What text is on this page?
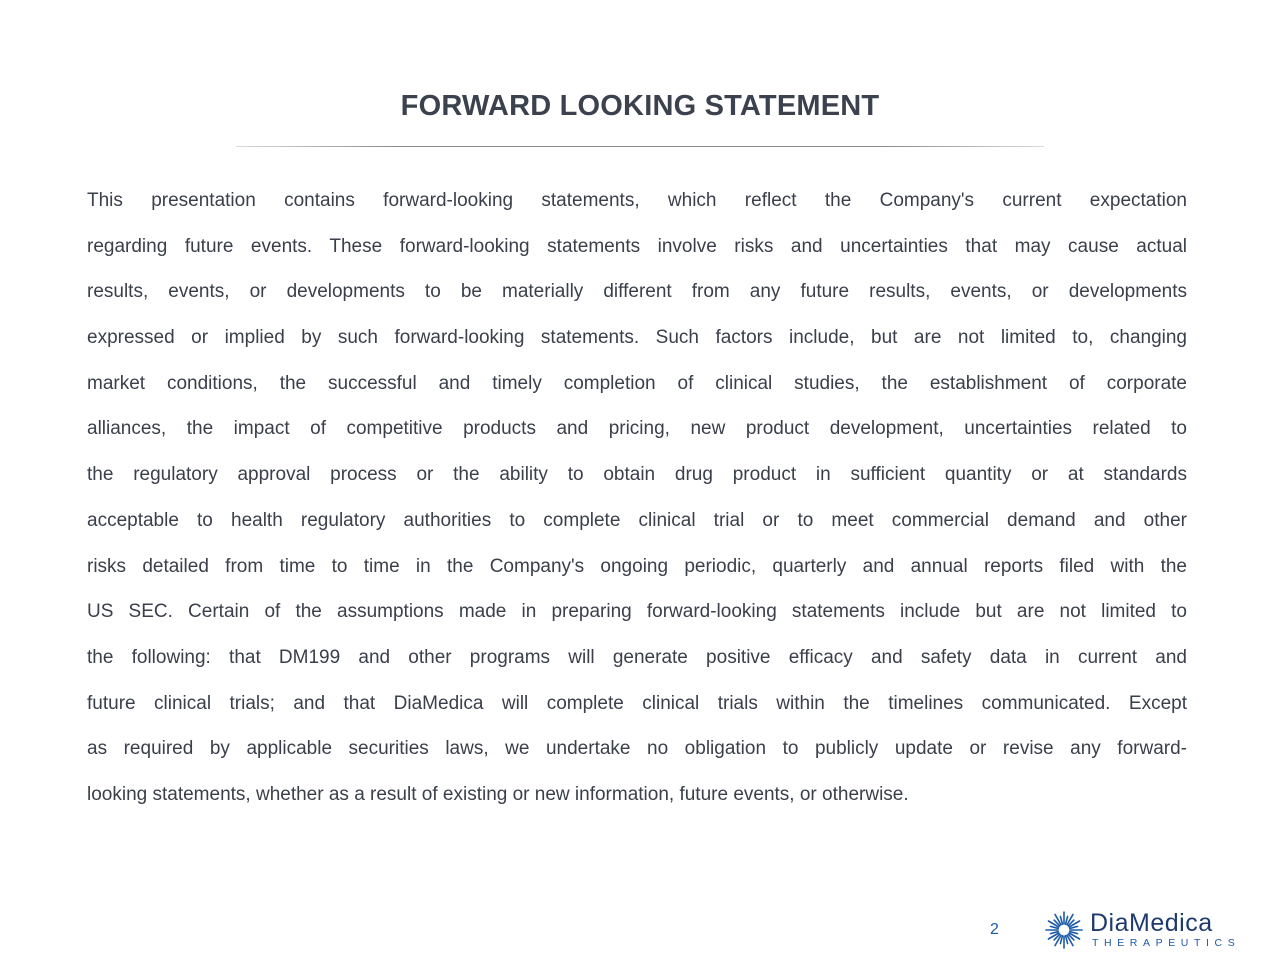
FORWARD LOOKING STATEMENT
This presentation contains forward-looking statements, which reflect the Company's current expectation
regarding future events. These forward-looking statements involve risks and uncertainties that may cause actual
results, events, or developments to be materially different from any future results, events, or developments
expressed or implied by such forward-looking statements. Such factors include, but are not limited to, changing
market conditions, the successful and timely completion of clinical studies, the establishment of corporate
alliances, the impact of competitive products and pricing, new product development, uncertainties related to
the regulatory approval process or the ability to obtain drug product in sufficient quantity or at standards
acceptable to health regulatory authorities to complete clinical trial or to meet commercial demand and other
risks detailed from time to time in the Company's ongoing periodic, quarterly and annual reports filed with the
US SEC. Certain of the assumptions made in preparing forward-looking statements include but are not limited to
the following: that DM199 and other programs will generate positive efficacy and safety data in current and
future clinical trials; and that DiaMedica will complete clinical trials within the timelines communicated. Except
as required by applicable securities laws, we undertake no obligation to publicly update or revise any forward-
looking statements, whether as a result of existing or new information, future events, or otherwise.
2	DiaMedica
THERAPEUTICS
